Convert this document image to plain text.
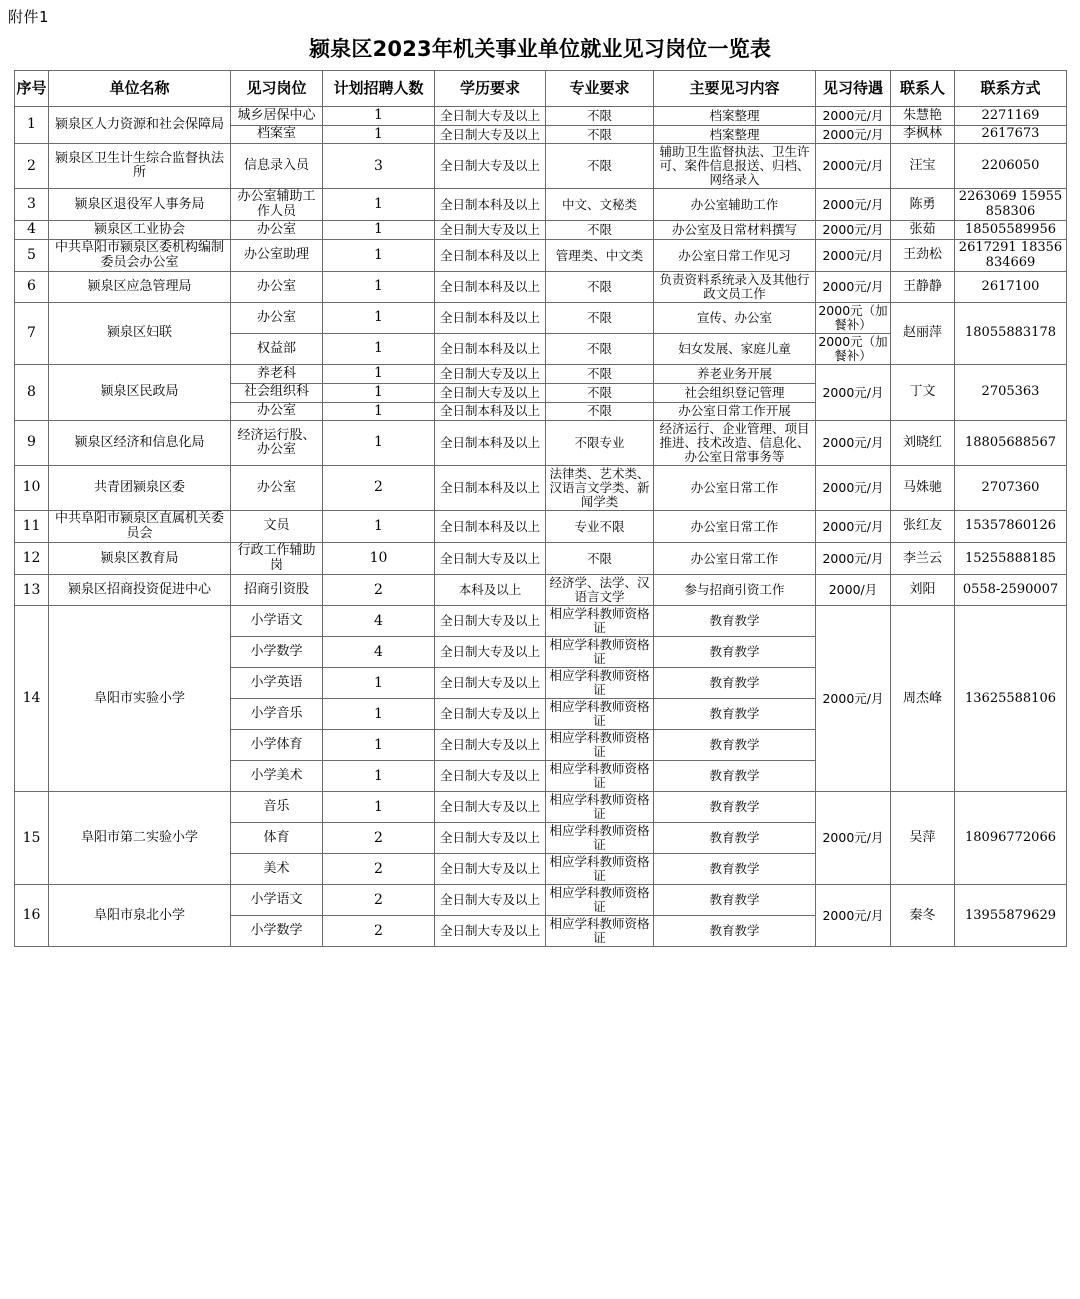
附件1
颍泉区2023年机关事业单位就业见习岗位一览表
序号	单位名称	见习岗位	计划招聘人数	学历要求	专业要求	主要见习内容	见习待遇	联系人	联系方式
1	颍泉区人力资源和社会保障局	城乡居保中心	1	全日制大专及以上	不限	档案整理	2000元/月	朱慧艳	2271169
		档案室	1	全日制大专及以上	不限	档案整理	2000元/月	李枫林	2617673
2	颍泉区卫生计生综合监督执法所	信息录入员	3	全日制大专及以上	不限	辅助卫生监督执法、卫生许可、案件信息报送、归档、网络录入	2000元/月	汪宝	2206050
3	颍泉区退役军人事务局	办公室辅助工作人员	1	全日制本科及以上	中文、文秘类	办公室辅助工作	2000元/月	陈勇	2263069 15955858306
4	颍泉区工业协会	办公室	1	全日制大专及以上	不限	办公室及日常材料撰写	2000元/月	张茹	18505589956
5	中共阜阳市颍泉区委机构编制委员会办公室	办公室助理	1	全日制本科及以上	管理类、中文类	办公室日常工作见习	2000元/月	王劲松	2617291 18356834669
6	颍泉区应急管理局	办公室	1	全日制本科及以上	不限	负责资料系统录入及其他行政文员工作	2000元/月	王静静	2617100
7	颍泉区妇联	办公室	1	全日制本科及以上	不限	宣传、办公室	2000元（加餐补）	赵丽萍	18055883178
		权益部	1	全日制本科及以上	不限	妇女发展、家庭儿童	2000元（加餐补）		
8	颍泉区民政局	养老科	1	全日制大专及以上	不限	养老业务开展	2000元/月	丁文	2705363
		社会组织科	1	全日制大专及以上	不限	社会组织登记管理			
		办公室	1	全日制本科及以上	不限	办公室日常工作开展			
9	颍泉区经济和信息化局	经济运行股、办公室	1	全日制本科及以上	不限专业	经济运行、企业管理、项目推进、技术改造、信息化、办公室日常事务等	2000元/月	刘晓红	18805688567
10	共青团颍泉区委	办公室	2	全日制本科及以上	法律类、艺术类、汉语言文学类、新闻学类	办公室日常工作	2000元/月	马姝驰	2707360
11	中共阜阳市颍泉区直属机关委员会	文员	1	全日制本科及以上	专业不限	办公室日常工作	2000元/月	张红友	15357860126
12	颍泉区教育局	行政工作辅助岗	10	全日制大专及以上	不限	办公室日常工作	2000元/月	李兰云	15255888185
13	颍泉区招商投资促进中心	招商引资股	2	本科及以上	经济学、法学、汉语言文学	参与招商引资工作	2000/月	刘阳	0558-2590007
14	阜阳市实验小学	小学语文	4	全日制大专及以上	相应学科教师资格证	教育教学	2000元/月	周杰峰	13625588106
		小学数学	4	全日制大专及以上	相应学科教师资格证	教育教学			
		小学英语	1	全日制大专及以上	相应学科教师资格证	教育教学			
		小学音乐	1	全日制大专及以上	相应学科教师资格证	教育教学			
		小学体育	1	全日制大专及以上	相应学科教师资格证	教育教学			
		小学美术	1	全日制大专及以上	相应学科教师资格证	教育教学			
15	阜阳市第二实验小学	音乐	1	全日制大专及以上	相应学科教师资格证	教育教学	2000元/月	吴萍	18096772066
		体育	2	全日制大专及以上	相应学科教师资格证	教育教学			
		美术	2	全日制大专及以上	相应学科教师资格证	教育教学			
16	阜阳市泉北小学	小学语文	2	全日制大专及以上	相应学科教师资格证	教育教学	2000元/月	秦冬	13955879629
		小学数学	2	全日制大专及以上	相应学科教师资格证	教育教学			
